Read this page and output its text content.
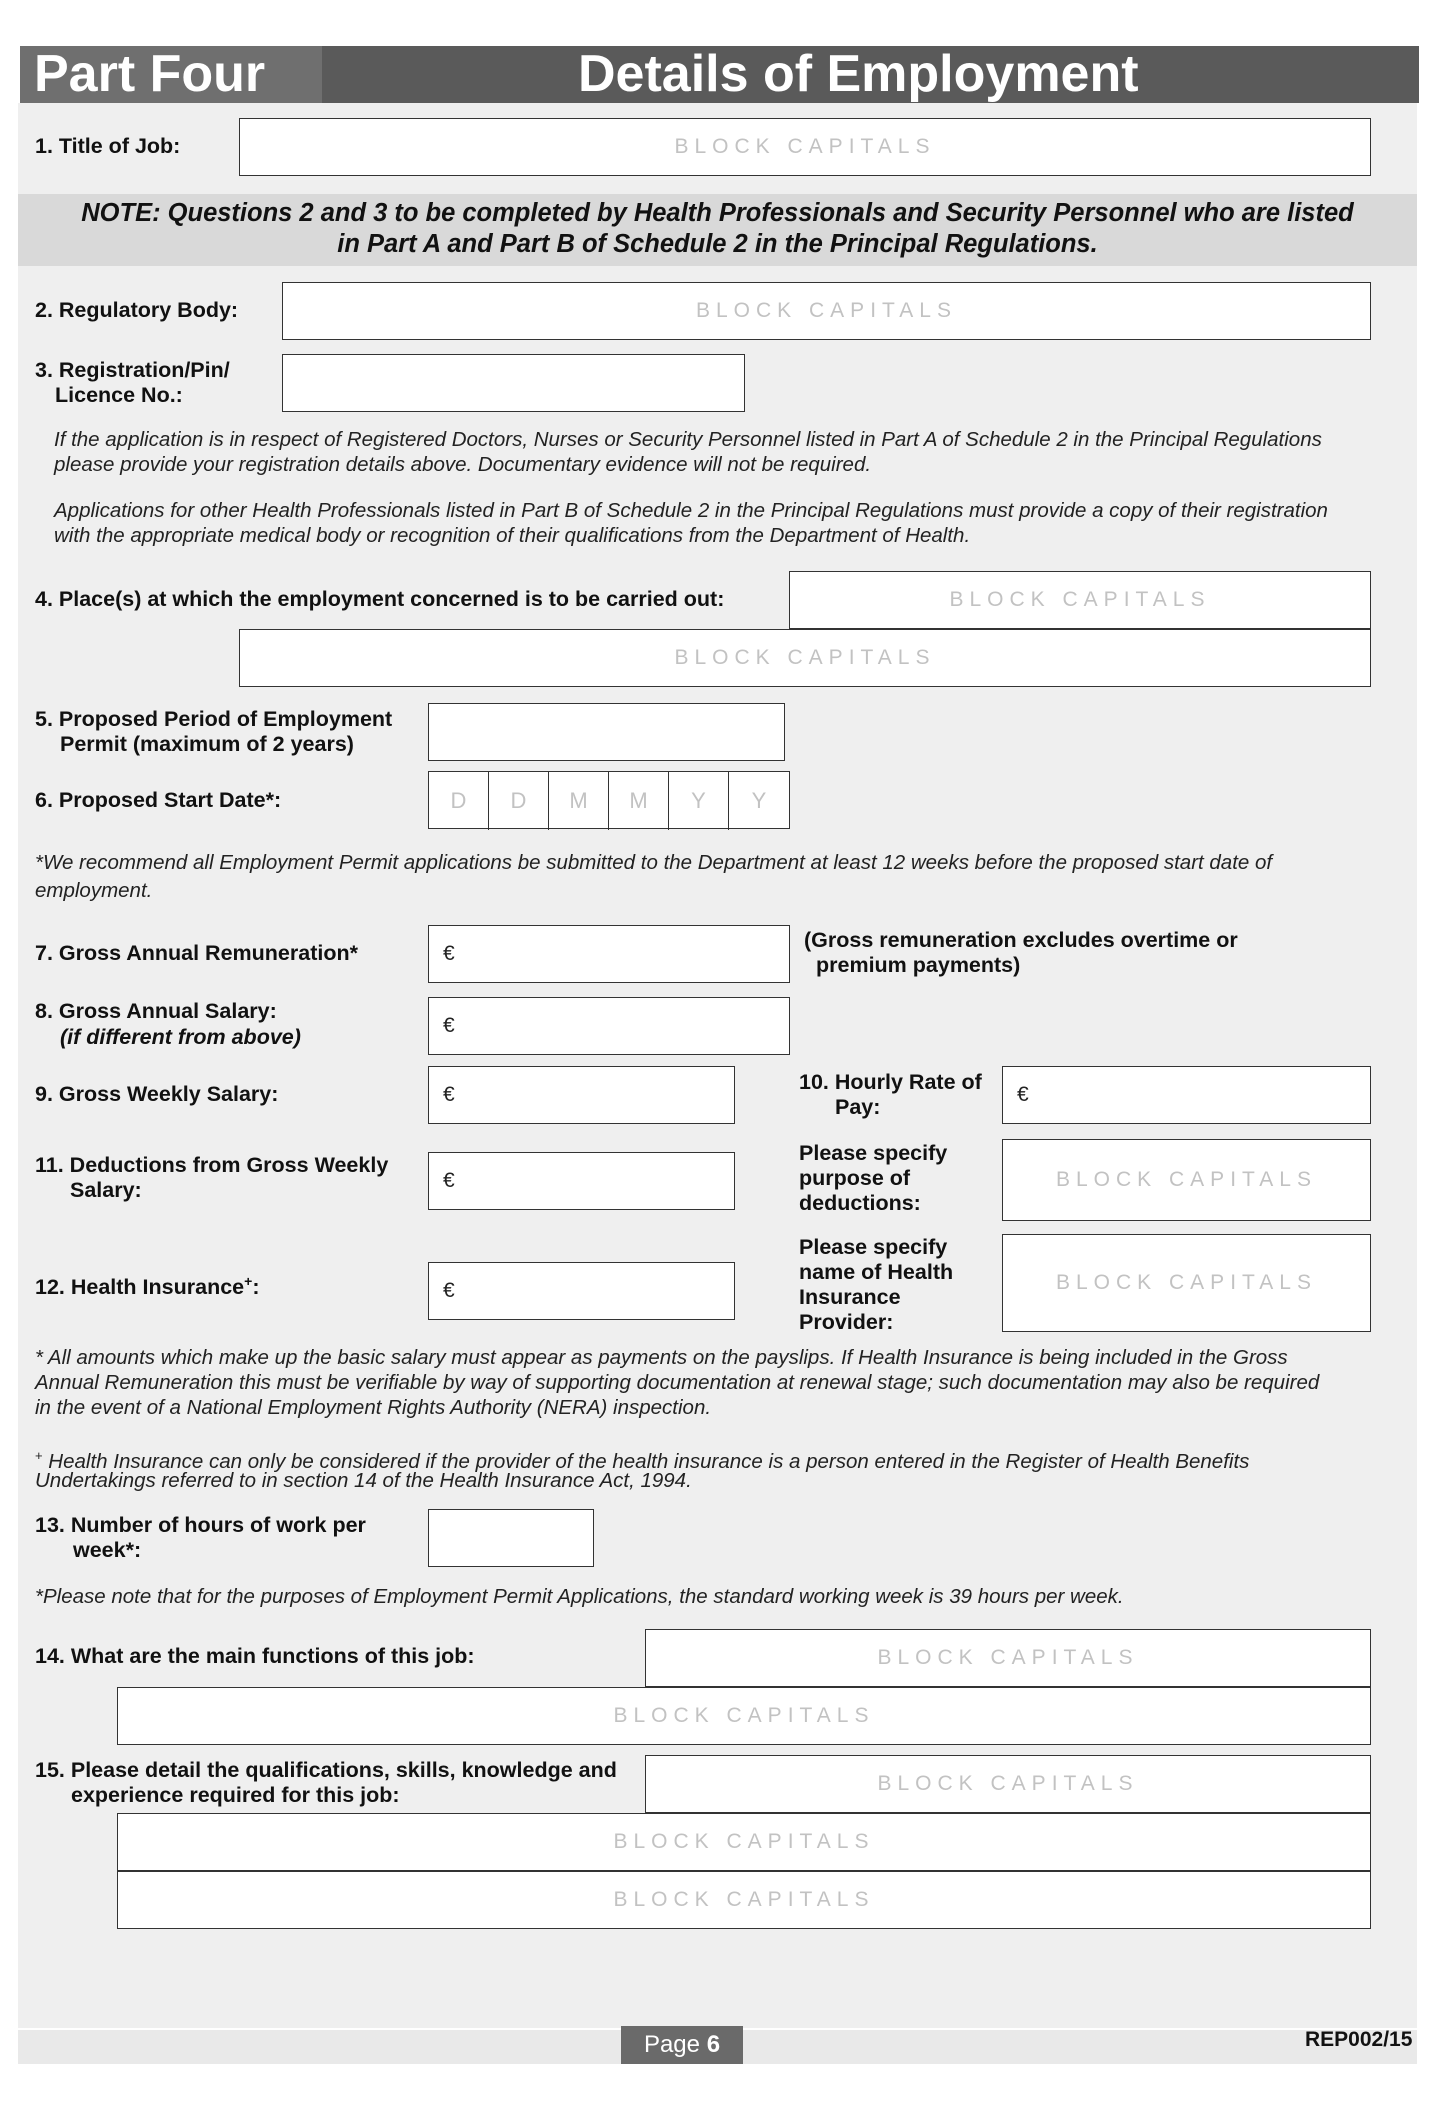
Part Four	Details of Employment
1. Title of Job:	BLOCK CAPITALS
NOTE: Questions 2 and 3 to be completed by Health Professionals and Security Personnel who are listed
in Part A and Part B of Schedule 2 in the Principal Regulations.
2. Regulatory Body:	BLOCK CAPITALS
3. Registration/Pin/
Licence No.:
If the application is in respect of Registered Doctors, Nurses or Security Personnel listed in Part A of Schedule 2 in the Principal Regulations
please provide your registration details above. Documentary evidence will not be required.
Applications for other Health Professionals listed in Part B of Schedule 2 in the Principal Regulations must provide a copy of their registration
with the appropriate medical body or recognition of their qualifications from the Department of Health.
4. Place(s) at which the employment concerned is to be carried out:	BLOCK CAPITALS
BLOCK CAPITALS
5. Proposed Period of Employment
Permit (maximum of 2 years)
6. Proposed Start Date*:	D	D	M	M	Y	Y
*We recommend all Employment Permit applications be submitted to the Department at least 12 weeks before the proposed start date of
employment.
7. Gross Annual Remuneration*	€
(Gross remuneration excludes overtime or
premium payments)
8. Gross Annual Salary:
(if different from above)	€
9. Gross Weekly Salary:	€
10. Hourly Rate of
Pay:
€
11. Deductions from Gross Weekly
Salary:	€
Please specify
purpose of
deductions:
BLOCK CAPITALS
12. Health Insurance+:	€
Please specify
name of Health
Insurance
Provider:
BLOCK CAPITALS
* All amounts which make up the basic salary must appear as payments on the payslips. If Health Insurance is being included in the Gross
Annual Remuneration this must be verifiable by way of supporting documentation at renewal stage; such documentation may also be required
in the event of a National Employment Rights Authority (NERA) inspection.
+ Health Insurance can only be considered if the provider of the health insurance is a person entered in the Register of Health Benefits
Undertakings referred to in section 14 of the Health Insurance Act, 1994.
13. Number of hours of work per
week*:
*Please note that for the purposes of Employment Permit Applications, the standard working week is 39 hours per week.
14. What are the main functions of this job:	BLOCK CAPITALS
BLOCK CAPITALS
15. Please detail the qualifications, skills, knowledge and
experience required for this job:	BLOCK CAPITALS
BLOCK CAPITALS
BLOCK CAPITALS
Page
6	REP002/15
